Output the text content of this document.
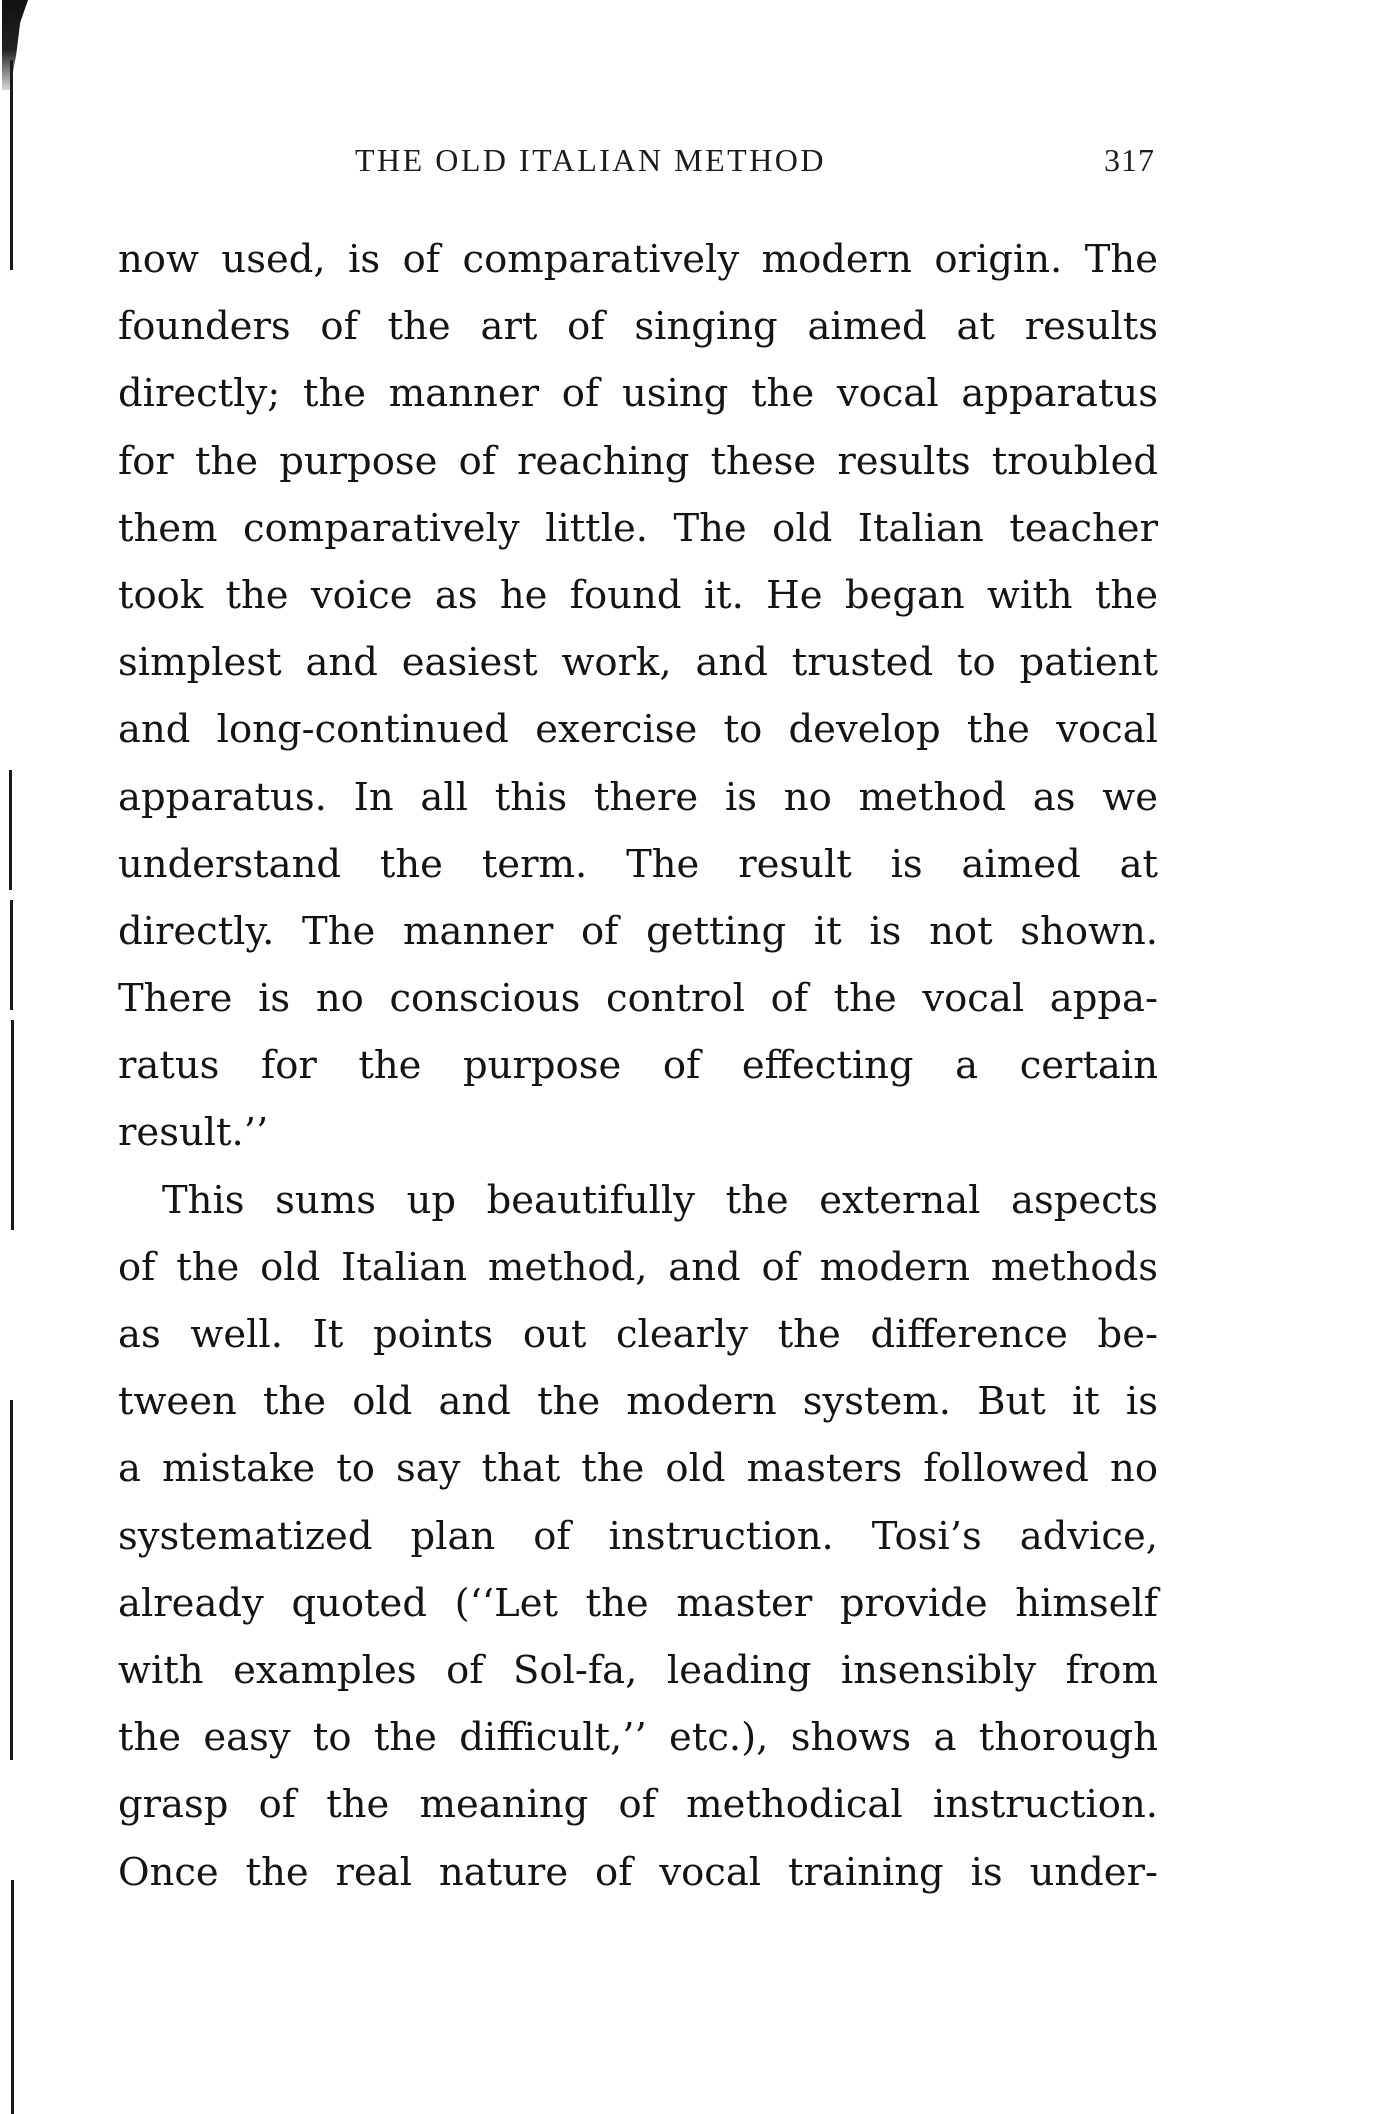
THE OLD ITALIAN METHOD	317
now used, is of comparatively modern origin. The
founders of the art of singing aimed at results
directly; the manner of using the vocal apparatus
for the purpose of reaching these results troubled
them comparatively little. The old Italian teacher
took the voice as he found it. He began with the
simplest and easiest work, and trusted to patient
and long-continued exercise to develop the vocal
apparatus. In all this there is no method as we
understand the term. The result is aimed at
directly. The manner of getting it is not shown.
There is no conscious control of the vocal appa-
ratus for the purpose of effecting a certain
result.’’
This sums up beautifully the external aspects
of the old Italian method, and of modern methods
as well. It points out clearly the difference be-
tween the old and the modern system. But it is
a mistake to say that the old masters followed no
systematized plan of instruction. Tosi’s advice,
already quoted (‘‘Let the master provide himself
with examples of Sol-fa, leading insensibly from
the easy to the difficult,’’ etc.), shows a thorough
grasp of the meaning of methodical instruction.
Once the real nature of vocal training is under-
